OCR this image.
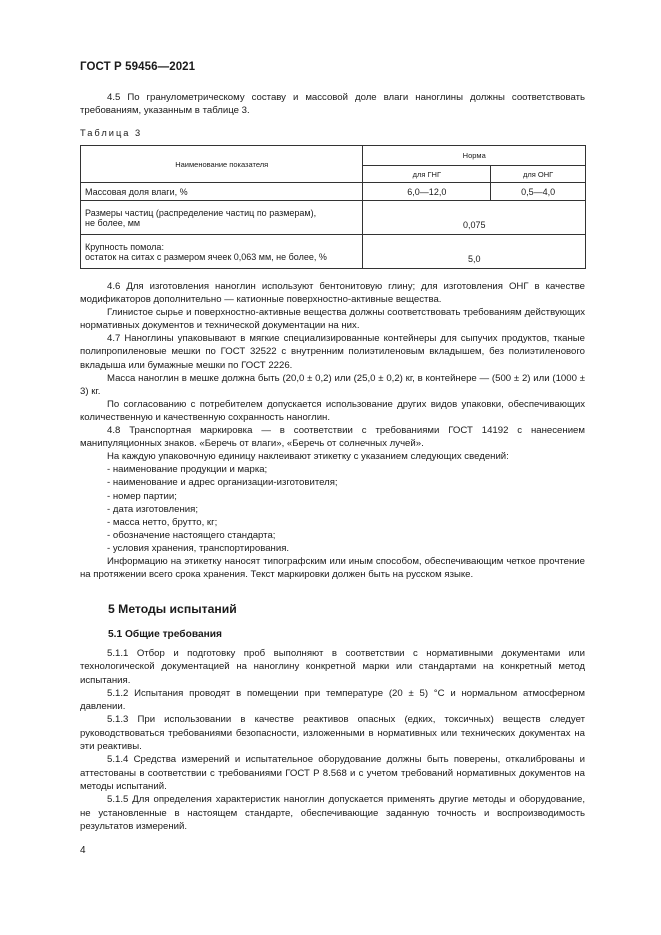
ГОСТ Р 59456—2021

4.5 По гранулометрическому составу и массовой доле влаги наноглины должны соответствовать требованиям, указанным в таблице 3.

Таблица 3
Наименование показателя	Норма	
	для ГНГ	для ОНГ
Массовая доля влаги, %	6,0—12,0	0,5—4,0

Размеры частиц (распределение частиц по размерам),
не более, мм	0,075	

Крупность помола:
остаток на ситах с размером ячеек 0,063 мм, не более, %	5,0	

4.6 Для изготовления наноглин используют бентонитовую глину; для изготовления ОНГ в качестве модификаторов дополнительно — катионные поверхностно-активные вещества.

Глинистое сырье и поверхностно-активные вещества должны соответствовать требованиям действующих нормативных документов и технической документации на них.

4.7 Наноглины упаковывают в мягкие специализированные контейнеры для сыпучих продуктов, тканые полипропиленовые мешки по ГОСТ 32522 с внутренним полиэтиленовым вкладышем, без полиэтиленового вкладыша или бумажные мешки по ГОСТ 2226.

Масса наноглин в мешке должна быть (20,0 ± 0,2) или (25,0 ± 0,2) кг, в контейнере — (500 ± 2) или (1000 ± 3) кг.

По согласованию с потребителем допускается использование других видов упаковки, обеспечивающих количественную и качественную сохранность наноглин.

4.8 Транспортная маркировка — в соответствии с требованиями ГОСТ 14192 с нанесением манипуляционных знаков. «Беречь от влаги», «Беречь от солнечных лучей».

На каждую упаковочную единицу наклеивают этикетку с указанием следующих сведений:

- наименование продукции и марка;
- наименование и адрес организации-изготовителя;
- номер партии;
- дата изготовления;
- масса нетто, брутто, кг;
- обозначение настоящего стандарта;
- условия хранения, транспортирования.

Информацию на этикетку наносят типографским или иным способом, обеспечивающим четкое прочтение на протяжении всего срока хранения. Текст маркировки должен быть на русском языке.

5 Методы испытаний
5.1 Общие требования

5.1.1 Отбор и подготовку проб выполняют в соответствии с нормативными документами или технологической документацией на наноглину конкретной марки или стандартами на конкретный метод испытания.

5.1.2 Испытания проводят в помещении при температуре (20 ± 5) °С и нормальном атмосферном давлении.

5.1.3 При использовании в качестве реактивов опасных (едких, токсичных) веществ следует руководствоваться требованиями безопасности, изложенными в нормативных или технических документах на эти реактивы.

5.1.4 Средства измерений и испытательное оборудование должны быть поверены, откалиброваны и аттестованы в соответствии с требованиями ГОСТ Р 8.568 и с учетом требований нормативных документов на методы испытаний.

5.1.5 Для определения характеристик наноглин допускается применять другие методы и оборудование, не установленные в настоящем стандарте, обеспечивающие заданную точность и воспроизводимость результатов измерений.

4
